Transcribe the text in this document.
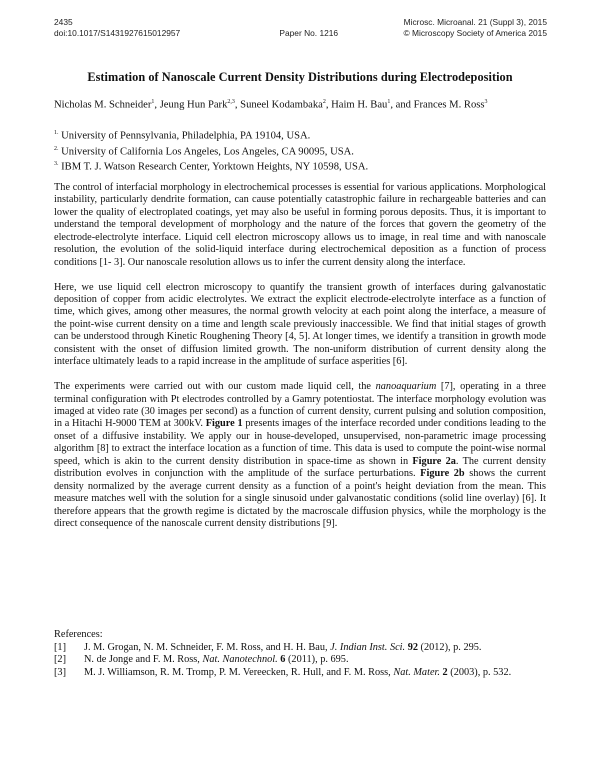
2435	Microsc. Microanal. 21 (Suppl 3), 2015
doi:10.1017/S1431927615012957	Paper No. 1216	© Microscopy Society of America 2015
Estimation of Nanoscale Current Density Distributions during Electrodeposition
Nicholas M. Schneider$^1$, Jeung Hun Park$^{2,3}$, Suneel Kodambaka$^2$, Haim H. Bau$^1$, and Frances M. Ross$^3$
$^{1.}$ University of Pennsylvania, Philadelphia, PA 19104, USA.
$^{2.}$ University of California Los Angeles, Los Angeles, CA 90095, USA.
$^{3.}$ IBM T. J. Watson Research Center, Yorktown Heights, NY 10598, USA.

The control of interfacial morphology in electrochemical processes is essential for various applications. Morphological instability, particularly dendrite formation, can cause potentially catastrophic failure in rechargeable batteries and can lower the quality of electroplated coatings, yet may also be useful in forming porous deposits. Thus, it is important to understand the temporal development of morphology and the nature of the forces that govern the geometry of the electrode-electrolyte interface. Liquid cell electron microscopy allows us to image, in real time and with nanoscale resolution, the evolution of the solid-liquid interface during electrochemical deposition as a function of process conditions [1- 3]. Our nanoscale resolution allows us to infer the current density along the interface.

Here, we use liquid cell electron microscopy to quantify the transient growth of interfaces during galvanostatic deposition of copper from acidic electrolytes. We extract the explicit electrode-electrolyte interface as a function of time, which gives, among other measures, the normal growth velocity at each point along the interface, a measure of the point-wise current density on a time and length scale previously inaccessible. We find that initial stages of growth can be understood through Kinetic Roughening Theory [4, 5]. At longer times, we identify a transition in growth mode consistent with the onset of diffusion limited growth. The non-uniform distribution of current density along the interface ultimately leads to a rapid increase in the amplitude of surface asperities [6].

The experiments were carried out with our custom made liquid cell, the nanoaquarium [7], operating in a three terminal configuration with Pt electrodes controlled by a Gamry potentiostat. The interface morphology evolution was imaged at video rate (30 images per second) as a function of current density, current pulsing and solution composition, in a Hitachi H-9000 TEM at 300kV. Figure 1 presents images of the interface recorded under conditions leading to the onset of a diffusive instability. We apply our in house-developed, unsupervised, non-parametric image processing algorithm [8] to extract the interface location as a function of time. This data is used to compute the point-wise normal speed, which is akin to the current density distribution in space-time as shown in Figure 2a. The current density distribution evolves in conjunction with the amplitude of the surface perturbations. Figure 2b shows the current density normalized by the average current density as a function of a point's height deviation from the mean. This measure matches well with the solution for a single sinusoid under galvanostatic conditions (solid line overlay) [6]. It therefore appears that the growth regime is dictated by the macroscale diffusion physics, while the morphology is the direct consequence of the nanoscale current density distributions [9].

References:
[1]	J. M. Grogan, N. M. Schneider, F. M. Ross, and H. H. Bau, J. Indian Inst. Sci. 92 (2012), p. 295.
[2]	N. de Jonge and F. M. Ross, Nat. Nanotechnol. 6 (2011), p. 695.
[3]	M. J. Williamson, R. M. Tromp, P. M. Vereecken, R. Hull, and F. M. Ross, Nat. Mater. 2 (2003), p. 532.
